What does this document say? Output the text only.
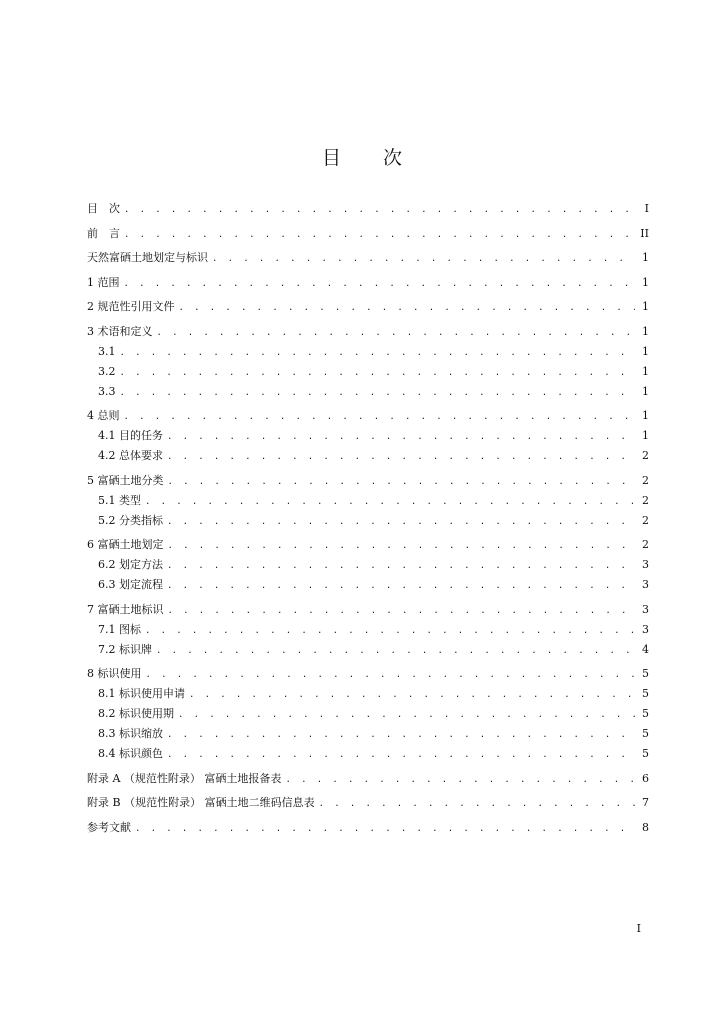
目 次
目　次 . . .	I
前　言 . . .	II
天然富硒土地划定与标识 . . .	1
1 范围 . . .	1
2 规范性引用文件 . . .	1
3 术语和定义 . . .	1
3.1 . . .	1
3.2 . . .	1
3.3 . . .	1
4 总则 . . .	1
4.1 目的任务 . . .	1
4.2 总体要求 . . .	2
5 富硒土地分类 . . .	2
5.1 类型 . . .	2
5.2 分类指标 . . .	2
6 富硒土地划定 . . .	2
6.2 划定方法 . . .	3
6.3 划定流程 . . .	3
7 富硒土地标识 . . .	3
7.1 图标 . . .	3
7.2 标识牌 . . .	4
8 标识使用 . . .	5
8.1 标识使用申请 . . .	5
8.2 标识使用期 . . .	5
8.3 标识缩放 . . .	5
8.4 标识颜色 . . .	5
附录 A （规范性附录） 富硒土地报备表 . . .	6
附录 B （规范性附录） 富硒土地二维码信息表 . . .	7
参考文献 . . .	8
I
